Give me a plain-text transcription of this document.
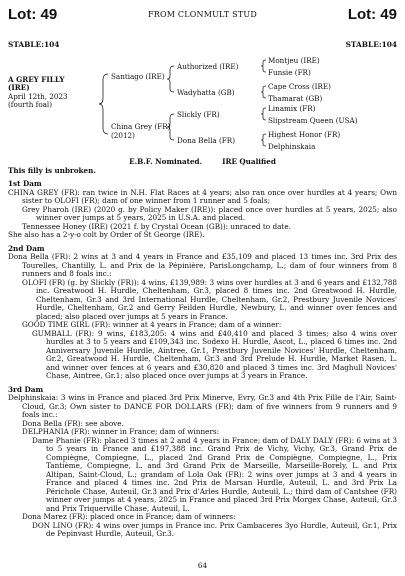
Lot: 49	FROM CLONMULT STUD	Lot: 49
STABLE:104	STABLE:104
A GREY FILLY
(IRE)
April 12th, 2023
(fourth foal)
Santiago (IRE)
Authorized (IRE)
Montjeu (IRE)
Funsie (FR)
Wadyhatta (GB)
Cape Cross (IRE)
Thamarat (GB)
China Grey (FR)
(2012)
Slickly (FR)
Linamix (FR)
Slipstream Queen (USA)
Dona Bella (FR)
Highest Honor (FR)
Delphinskaia
E.B.F. Nominated.        IRE Qualified
This filly is unbroken.
1st Dam

CHINA GREY (FR): ran twice in N.H. Flat Races at 4 years; also ran once over hurdles at 4 years; Own sister to OLOFI (FR); dam of one winner from 1 runner and 5 foals;

Grey Pharoh (IRE) (2020 g. by Policy Maker (IRE)): placed once over hurdles at 5 years, 2025; also winner over jumps at 5 years, 2025 in U.S.A. and placed.

Tennessee Honey (IRE) (2021 f. by Crystal Ocean (GB)): unraced to date.

She also has a 2-y-o colt by Order of St George (IRE).

2nd Dam

Dona Bella (FR): 2 wins at 3 and 4 years in France and £35,109 and placed 13 times inc. 3rd Prix des Tourelles, Chantilly, L. and Prix de la Pépinière, ParisLongchamp, L.; dam of four winners from 8 runners and 8 foals inc.:

OLOFI (FR) (g. by Slickly (FR)): 4 wins, £139,989: 3 wins over hurdles at 3 and 6 years and £132,788 inc. Greatwood H. Hurdle, Cheltenham, Gr.3, placed 8 times inc. 2nd Greatwood H. Hurdle, Cheltenham, Gr.3 and 3rd International Hurdle, Cheltenham, Gr.2, Prestbury Juvenile Novices' Hurdle, Cheltenham, Gr.2 and Gerry Feilden Hurdle, Newbury, L. and winner over fences and placed; also placed over jumps at 5 years in France.

GOOD TIME GIRL (FR): winner at 4 years in France; dam of a winner:

GUMBALL (FR): 9 wins, £183,205: 4 wins and £40,410 and placed 3 times; also 4 wins over hurdles at 3 to 5 years and £109,343 inc. Sodexo H. Hurdle, Ascot, L., placed 6 times inc. 2nd Anniversary Juvenile Hurdle, Aintree, Gr.1, Prestbury Juvenile Novices' Hurdle, Cheltenham, Gr.2, Greatwood H. Hurdle, Cheltenham, Gr.3 and 3rd Prelude H. Hurdle, Market Rasen, L. and winner over fences at 6 years and £30,820 and placed 3 times inc. 3rd Maghull Novices' Chase, Aintree, Gr.1; also placed once over jumps at 3 years in France.

3rd Dam

Delphinskaia: 3 wins in France and placed 3rd Prix Minerve, Evry, Gr.3 and 4th Prix Fille de l'Air, Saint-Cloud, Gr.3; Own sister to DANCE FOR DOLLARS (FR); dam of five winners from 9 runners and 9 foals inc.:

Dona Bella (FR): see above.

DELPHANIA (FR): winner in France; dam of winners:

Dame Phanie (FR): placed 3 times at 2 and 4 years in France; dam of DALY DALY (FR): 6 wins at 3 to 5 years in France and £197,388 inc. Grand Prix de Vichy, Vichy, Gr.3, Grand Prix de Compiègne, Compiegne, L., placed 2nd Grand Prix de Compiègne, Compiegne, L., Prix Tantième, Compiegne, L. and 3rd Grand Prix de Marseille, Marseille-Borely, L. and Prix Altipan, Saint-Cloud, L.; grandam of Lola Oak (FR): 2 wins over jumps at 3 and 4 years in France and placed 4 times inc. 2nd Prix de Marsan Hurdle, Auteuil, L. and 3rd Prix La Périchole Chase, Auteuil, Gr.3 and Prix d'Arles Hurdle, Auteuil, L.; third dam of Cantshee (FR) winner over jumps at 4 years, 2025 in France and placed 3rd Prix Morgex Chase, Auteuil, Gr.3 and Prix Triquerville Chase, Auteuil, L.

Dona Marez (FR): placed once in France; dam of winners:

DON LINO (FR): 4 wins over jumps in France inc. Prix Cambaceres 3yo Hurdle, Auteuil, Gr.1, Prix de Pepinvast Hurdle, Auteuil, Gr.3.

64
